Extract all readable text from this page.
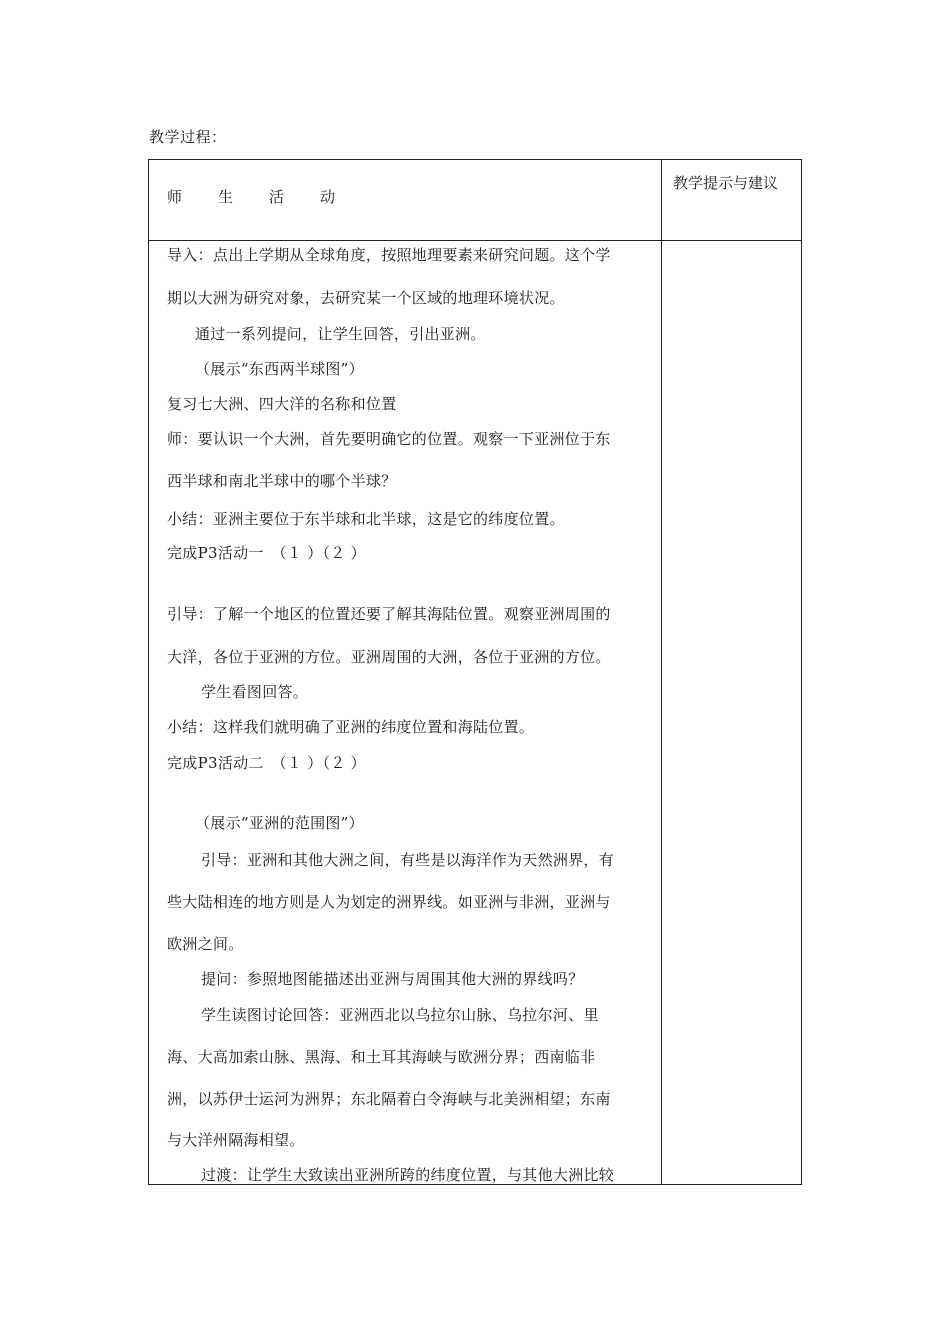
教学过程：
师 生 活 动
教学提示与建议
导入：点出上学期从全球角度，按照地理要素来研究问题。这个学
期以大洲为研究对象，去研究某一个区域的地理环境状况。
通过一系列提问，让学生回答，引出亚洲。
（展示“东西两半球图”）
复习七大洲、四大洋的名称和位置
师：要认识一个大洲，首先要明确它的位置。观察一下亚洲位于东
西半球和南北半球中的哪个半球？
小结：亚洲主要位于东半球和北半球，这是它的纬度位置。
完成P3活动一　（１ ）（２ ）
引导：了解一个地区的位置还要了解其海陆位置。观察亚洲周围的
大洋，各位于亚洲的方位。亚洲周围的大洲，各位于亚洲的方位。
学生看图回答。
小结：这样我们就明确了亚洲的纬度位置和海陆位置。
完成P3活动二　（１ ）（２ ）
（展示“亚洲的范围图”）
引导：亚洲和其他大洲之间，有些是以海洋作为天然洲界，有
些大陆相连的地方则是人为划定的洲界线。如亚洲与非洲，亚洲与
欧洲之间。
提问：参照地图能描述出亚洲与周围其他大洲的界线吗？
学生读图讨论回答：亚洲西北以乌拉尔山脉、乌拉尔河、里
海、大高加索山脉、黑海、和土耳其海峡与欧洲分界；西南临非
洲，以苏伊士运河为洲界；东北隔着白令海峡与北美洲相望；东南
与大洋州隔海相望。
过渡：让学生大致读出亚洲所跨的纬度位置，与其他大洲比较
